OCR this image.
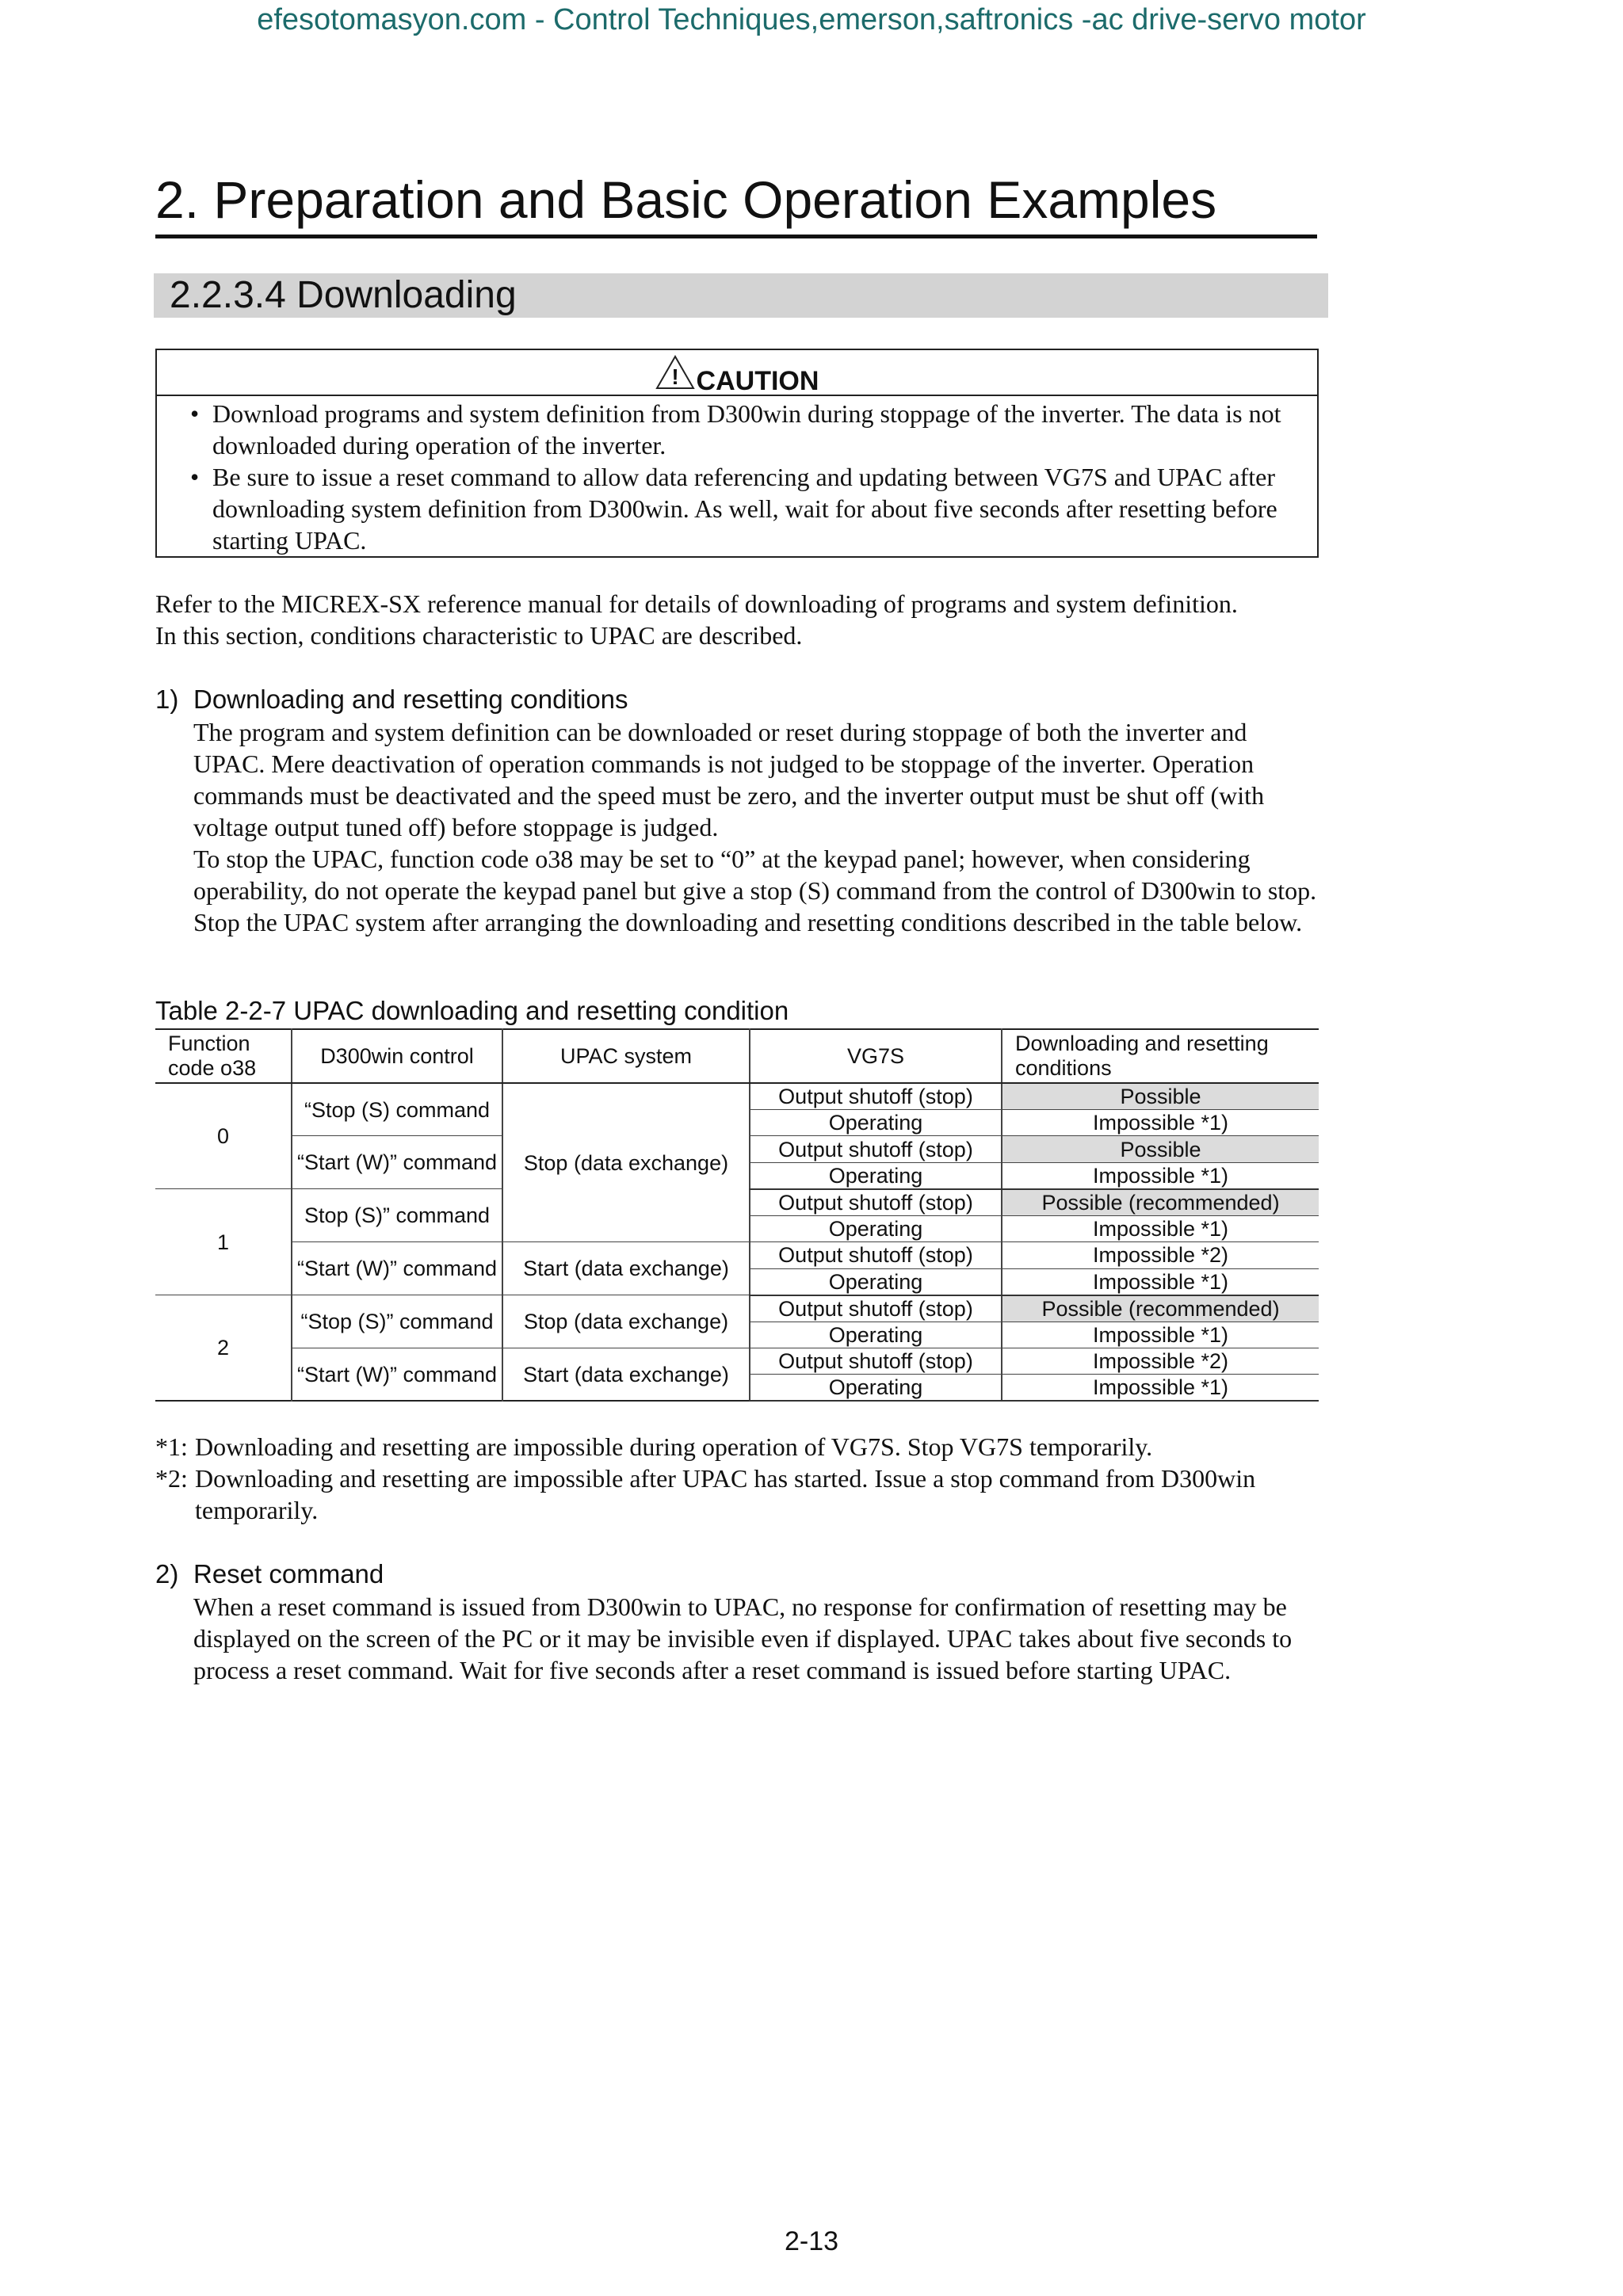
efesotomasyon.com - Control Techniques,emerson,saftronics -ac drive-servo motor
2. Preparation and Basic Operation Examples
2.2.3.4 Downloading
! CAUTION
• Download programs and system definition from D300win during stoppage of the inverter. The data is not downloaded during operation of the inverter.
• Be sure to issue a reset command to allow data referencing and updating between VG7S and UPAC after downloading system definition from D300win. As well, wait for about five seconds after resetting before starting UPAC.

Refer to the MICREX-SX reference manual for details of downloading of programs and system definition.

In this section, conditions characteristic to UPAC are described.

1) Downloading and resetting conditions

The program and system definition can be downloaded or reset during stoppage of both the inverter and UPAC. Mere deactivation of operation commands is not judged to be stoppage of the inverter. Operation commands must be deactivated and the speed must be zero, and the inverter output must be shut off (with voltage output tuned off) before stoppage is judged.

To stop the UPAC, function code o38 may be set to “0” at the keypad panel; however, when considering operability, do not operate the keypad panel but give a stop (S) command from the control of D300win to stop. Stop the UPAC system after arranging the downloading and resetting conditions described in the table below.

Table 2-2-7 UPAC downloading and resetting condition
Function code o38	D300win control	UPAC system	VG7S	Downloading and resetting conditions
0	“Stop (S) command	Stop (data exchange)	Output shutoff (stop)	Possible
			Operating	Impossible *1)
	“Start (W)” command		Output shutoff (stop)	Possible
			Operating	Impossible *1)
1	Stop (S)” command		Output shutoff (stop)	Possible (recommended)
			Operating	Impossible *1)
	“Start (W)” command	Start (data exchange)	Output shutoff (stop)	Impossible *2)
			Operating	Impossible *1)
2	“Stop (S)” command	Stop (data exchange)	Output shutoff (stop)	Possible (recommended)
			Operating	Impossible *1)
	“Start (W)” command	Start (data exchange)	Output shutoff (stop)	Impossible *2)
			Operating	Impossible *1)
*1: Downloading and resetting are impossible during operation of VG7S. Stop VG7S temporarily.
*2: Downloading and resetting are impossible after UPAC has started. Issue a stop command from D300win temporarily.
2) Reset command

When a reset command is issued from D300win to UPAC, no response for confirmation of resetting may be displayed on the screen of the PC or it may be invisible even if displayed. UPAC takes about five seconds to process a reset command. Wait for five seconds after a reset command is issued before starting UPAC.

2-13
